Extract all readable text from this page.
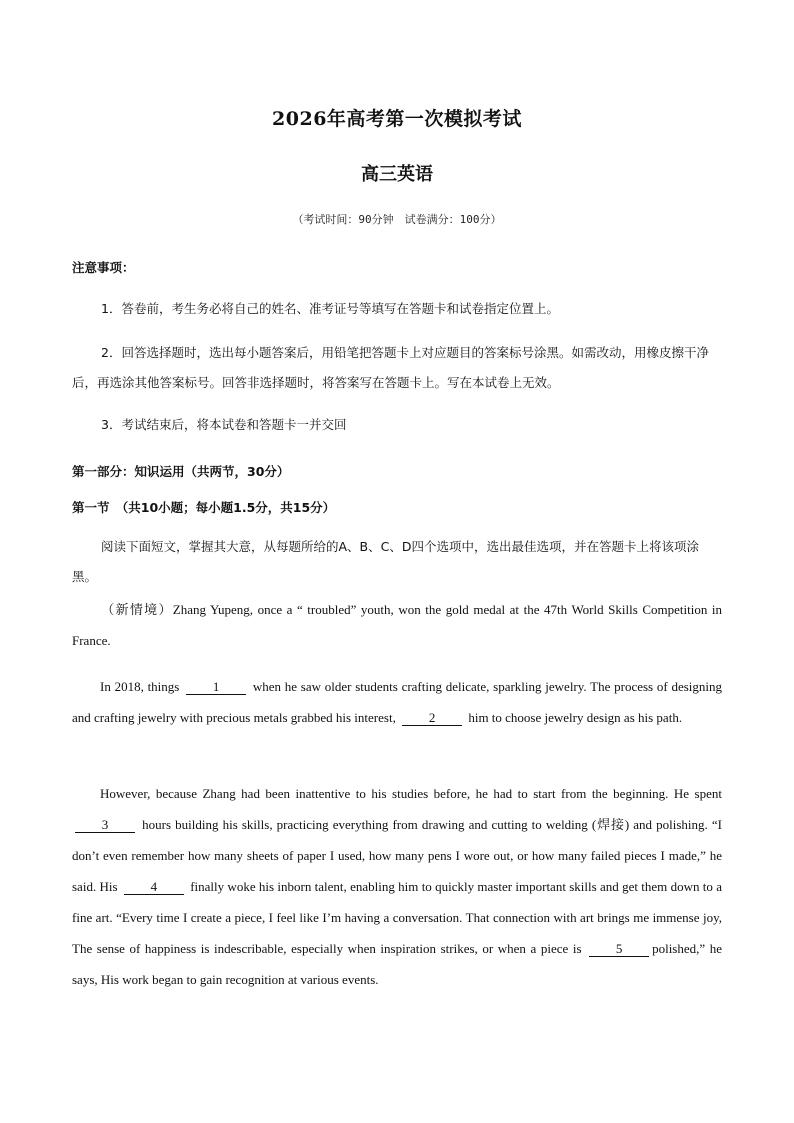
2026年高考第一次模拟考试
高三英语
（考试时间：90分钟　试卷满分：100分）
注意事项：
1．答卷前，考生务必将自己的姓名、准考证号等填写在答题卡和试卷指定位置上。
2．回答选择题时，选出每小题答案后，用铅笔把答题卡上对应题目的答案标号涂黑。如需改动，用橡皮擦干净后，再选涂其他答案标号。回答非选择题时，将答案写在答题卡上。写在本试卷上无效。
3．考试结束后，将本试卷和答题卡一并交回
第一部分：知识运用（共两节，30分）
第一节　（共10小题；每小题1.5分，共15分）
阅读下面短文，掌握其大意，从每题所给的A、B、C、D四个选项中，选出最佳选项，并在答题卡上将该项涂黑。
（新情境）Zhang Yupeng, once a “ troubled” youth, won the gold medal at the 47th World Skills Competition in France.
In 2018, things	1	when he saw older students crafting delicate, sparkling jewelry. The process of designing and crafting jewelry with precious metals grabbed his interest,	2	him to choose jewelry design as his path.
However, because Zhang had been inattentive to his studies before, he had to start from the beginning. He spent 3	hours building his skills, practicing everything from drawing and cutting to welding (焊接) and polishing. “I don’t even remember how many sheets of paper I used, how many pens I wore out, or how many failed pieces I made,” he said. His	4	finally woke his inborn talent, enabling him to quickly master important skills and get them down to a fine art. “Every time I create a piece, I feel like I’m having a conversation. That connection with art brings me immense joy, The sense of happiness is indescribable, especially when inspiration strikes, or when a piece is	5 polished,” he says, His work began to gain recognition at various events.
